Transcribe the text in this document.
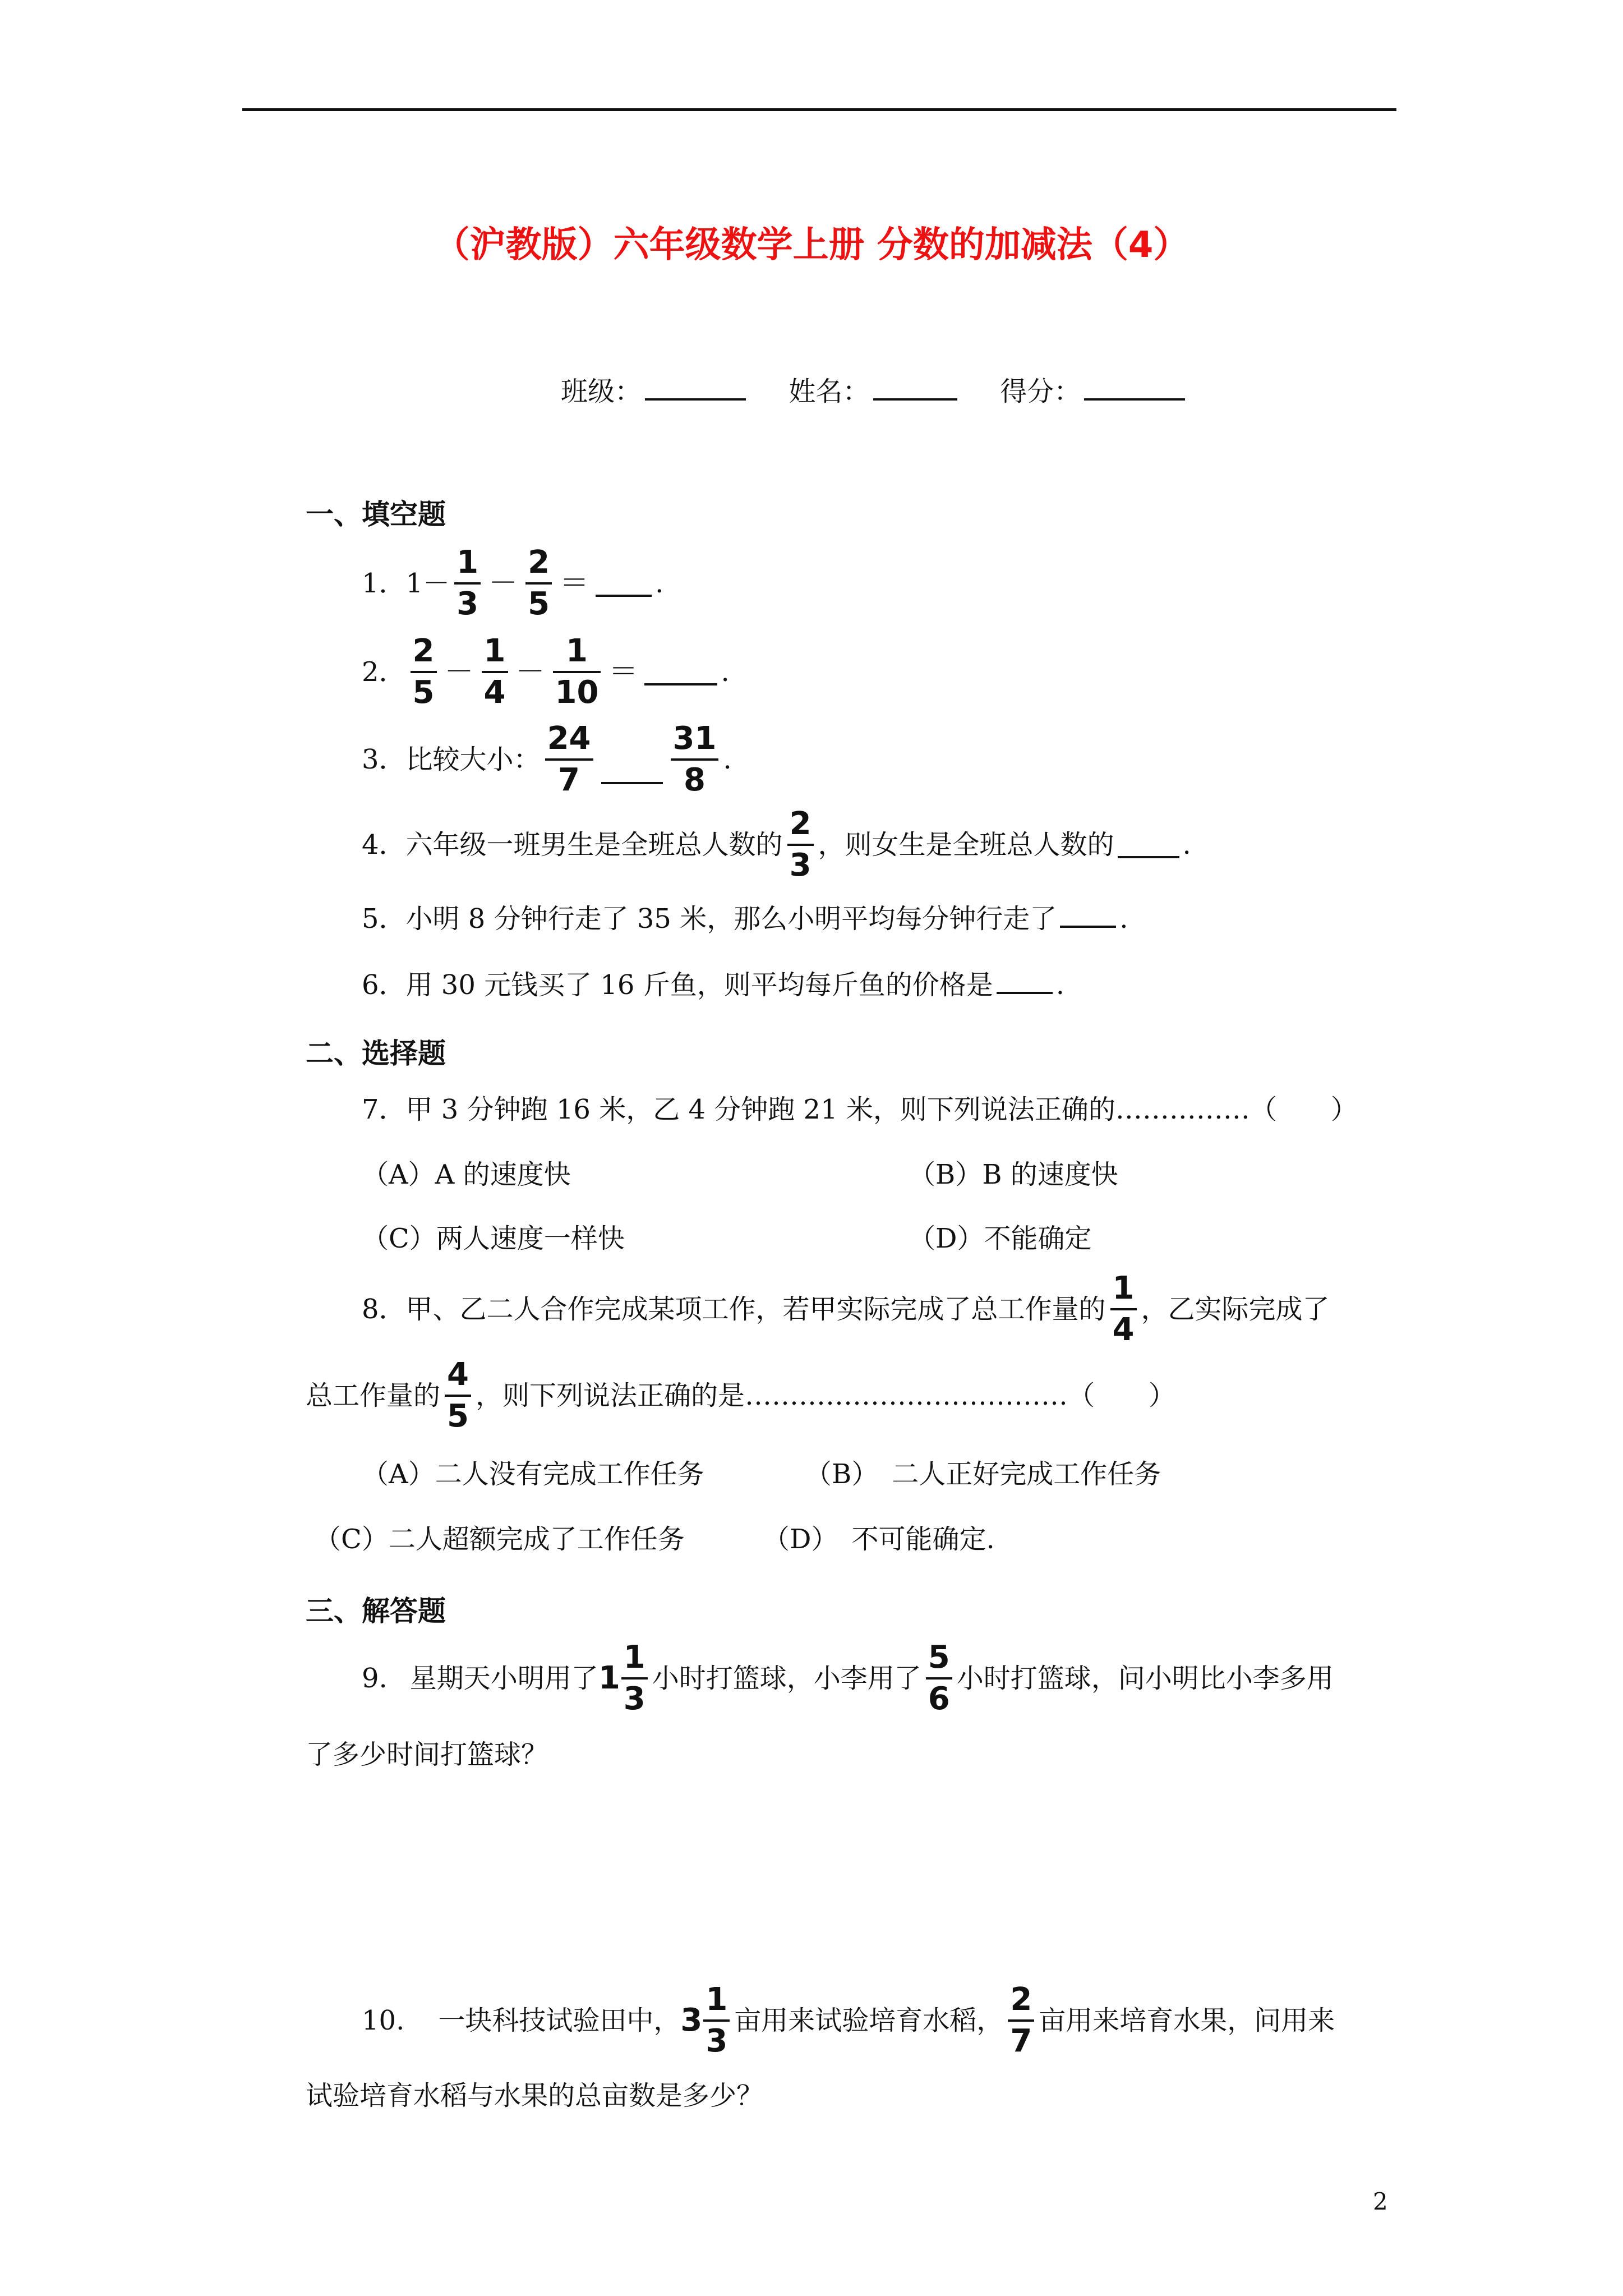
（沪教版）六年级数学上册 分数的加减法（4）
班级：	姓名：	得分：
一、填空题
1． $1- \frac{1}{3} - \frac{2}{5}$ ＝ .
2． $\frac{2}{5} - \frac{1}{4} - \frac{1}{10}$ ＝	.
3． 比较大小： $\frac{24}{7} \frac{31}{8}$ .
4． 六年级一班男生是全班总人数的 $\frac{2}{3}$ ，则女生是全班总人数的	.
5．小明 8 分钟行走了 35 米，那么小明平均每分钟行走了 .
6．用 30 元钱买了 16 斤鱼，则平均每斤鱼的价格是 .
二、选择题
7．甲 3 分钟跑 16 米，乙 4 分钟跑 21 米，则下列说法正确的……………（　　）
（A）A 的速度快	（B）B 的速度快
（C）两人速度一样快	（D）不能确定
8．甲、乙二人合作完成某项工作，若甲实际完成了总工作量的 $\frac{1}{4}$ ，乙实际完成了
总工作量的 $\frac{4}{5}$ ，则下列说法正确的是………………………………（　　）
（A）二人没有完成工作任务	（B）　二人正好完成工作任务
（C）二人超额完成了工作任务	（D）　不可能确定.
三、解答题
9. 星期天小明用了 $1 \frac{1}{3}$ 小时打篮球，小李用了 $\frac{5}{6}$ 小时打篮球，问小明比小李多用
了多少时间打篮球？
10. 一块科技试验田中， $3 \frac{1}{3}$ 亩用来试验培育水稻， $\frac{2}{7}$ 亩用来培育水果，问用来
试验培育水稻与水果的总亩数是多少？
2
